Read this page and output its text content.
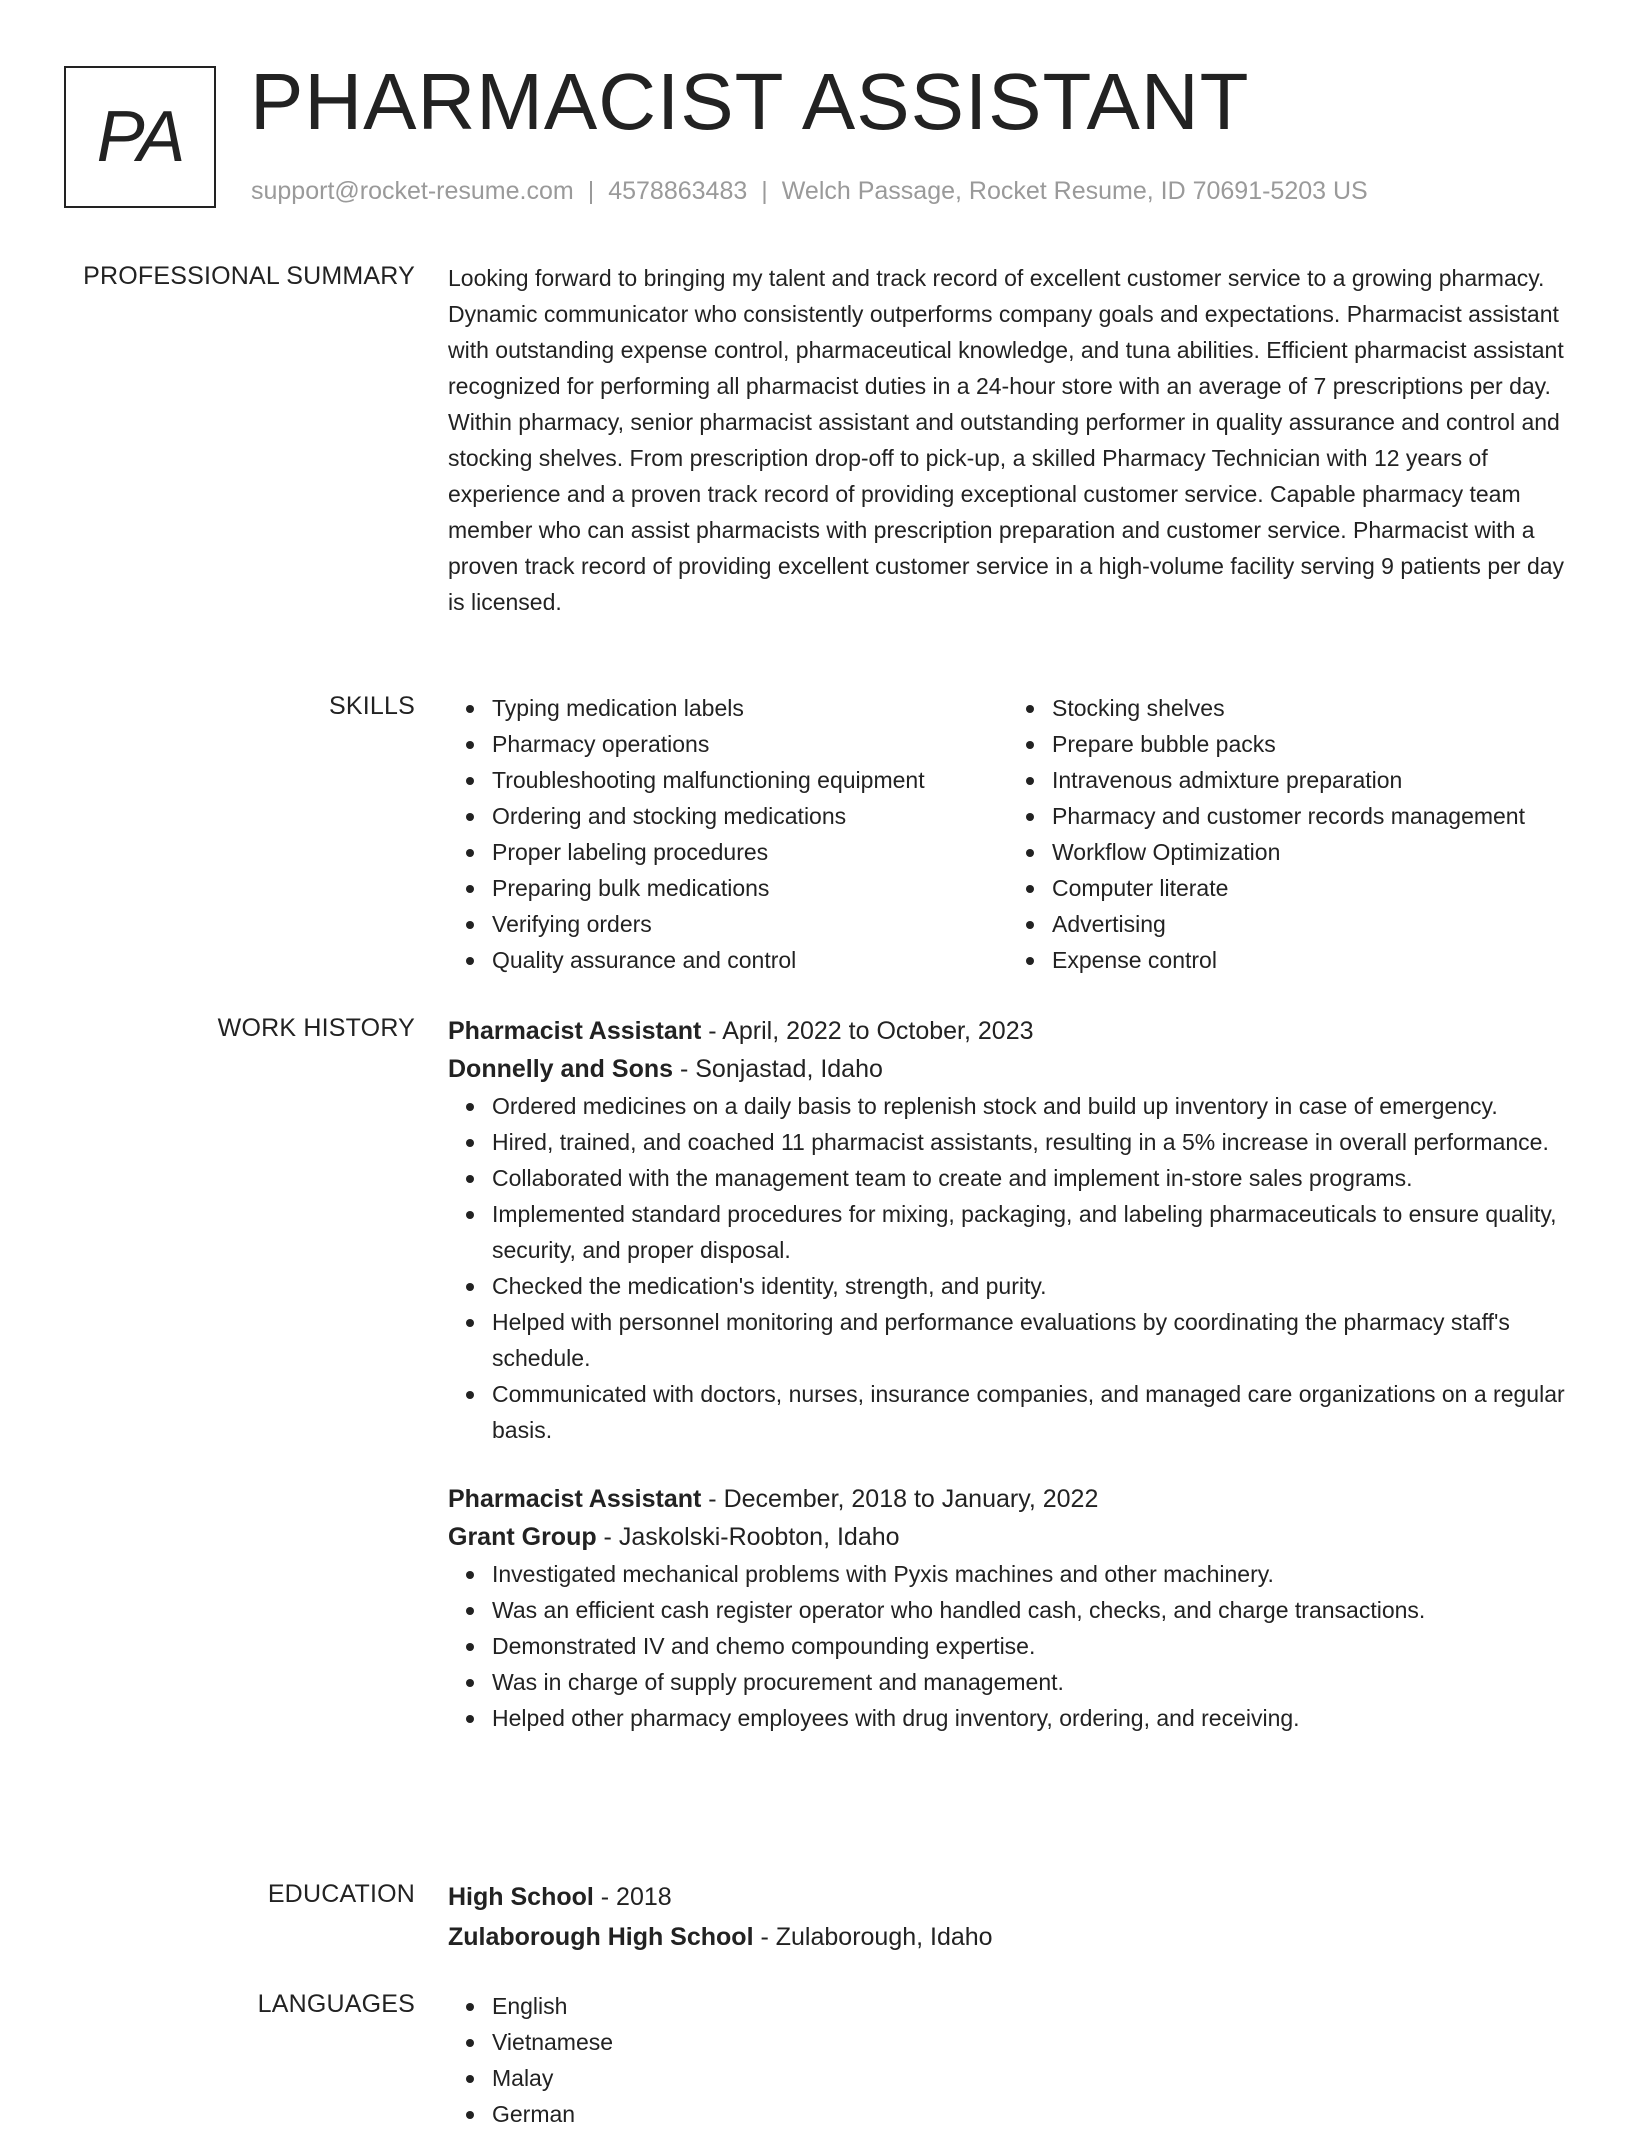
PA PHARMACIST ASSISTANT
support@rocket-resume.com | 4578863483 | Welch Passage, Rocket Resume, ID 70691-5203 US
PROFESSIONAL SUMMARY Looking forward to bringing my talent and track record of excellent customer service to a growing pharmacy. Dynamic communicator who consistently outperforms company goals and expectations. Pharmacist assistant with outstanding expense control, pharmaceutical knowledge, and tuna abilities. Efficient pharmacist assistant recognized for performing all pharmacist duties in a 24-hour store with an average of 7 prescriptions per day. Within pharmacy, senior pharmacist assistant and outstanding performer in quality assurance and control and stocking shelves. From prescription drop-off to pick-up, a skilled Pharmacy Technician with 12 years of experience and a proven track record of providing exceptional customer service. Capable pharmacy team member who can assist pharmacists with prescription preparation and customer service. Pharmacist with a proven track record of providing excellent customer service in a high-volume facility serving 9 patients per day is licensed.

SKILLS	Typing medication labels
Pharmacy operations
Troubleshooting malfunctioning equipment
Ordering and stocking medications
Proper labeling procedures
Preparing bulk medications
Verifying orders
Quality assurance and control
Stocking shelves
Prepare bubble packs
Intravenous admixture preparation
Pharmacy and customer records management
Workflow Optimization
Computer literate
Advertising
Expense control
WORK HISTORY Pharmacist Assistant - April, 2022 to October, 2023
Donnelly and Sons - Sonjastad, Idaho
Ordered medicines on a daily basis to replenish stock and build up inventory in case of emergency.
Hired, trained, and coached 11 pharmacist assistants, resulting in a 5% increase in overall performance.
Collaborated with the management team to create and implement in-store sales programs.
Implemented standard procedures for mixing, packaging, and labeling pharmaceuticals to ensure quality, security, and proper disposal.
Checked the medication's identity, strength, and purity.
Helped with personnel monitoring and performance evaluations by coordinating the pharmacy staff's schedule.
Communicated with doctors, nurses, insurance companies, and managed care organizations on a regular basis.
Pharmacist Assistant - December, 2018 to January, 2022
Grant Group - Jaskolski-Roobton, Idaho
Investigated mechanical problems with Pyxis machines and other machinery.
Was an efficient cash register operator who handled cash, checks, and charge transactions.
Demonstrated IV and chemo compounding expertise.
Was in charge of supply procurement and management.
Helped other pharmacy employees with drug inventory, ordering, and receiving.
EDUCATION High School - 2018
Zulaborough High School - Zulaborough, Idaho
LANGUAGES	English
Vietnamese
Malay
German
